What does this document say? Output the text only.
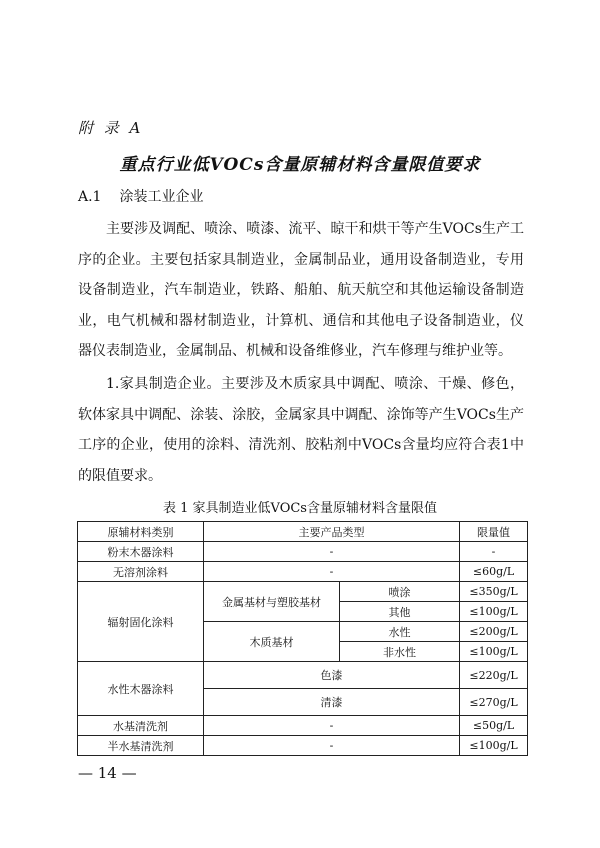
附 录 A
重点行业低VOCs含量原辅材料含量限值要求
A.1 涂装工业企业

主要涉及调配、喷涂、喷漆、流平、晾干和烘干等产生VOCs生产工序的企业。主要包括家具制造业，金属制品业，通用设备制造业，专用设备制造业，汽车制造业，铁路、船舶、航天航空和其他运输设备制造业，电气机械和器材制造业，计算机、通信和其他电子设备制造业，仪器仪表制造业，金属制品、机械和设备维修业，汽车修理与维护业等。

1.家具制造企业。主要涉及木质家具中调配、喷涂、干燥、修色，软体家具中调配、涂装、涂胶，金属家具中调配、涂饰等产生VOCs生产工序的企业，使用的涂料、清洗剂、胶粘剂中VOCs含量均应符合表1中的限值要求。

表 1 家具制造业低VOCs含量原辅材料含量限值
原辅材料类别	主要产品类型		限量值
粉末木器涂料	-		-
无溶剂涂料	-		≤60g/L
辐射固化涂料	金属基材与塑胶基材	喷涂	≤350g/L
		其他	≤100g/L
	木质基材	水性	≤200g/L
		非水性	≤100g/L
水性木器涂料	色漆		≤220g/L
	清漆		≤270g/L
水基清洗剂	-		≤50g/L
半水基清洗剂	-		≤100g/L
— 14 —
